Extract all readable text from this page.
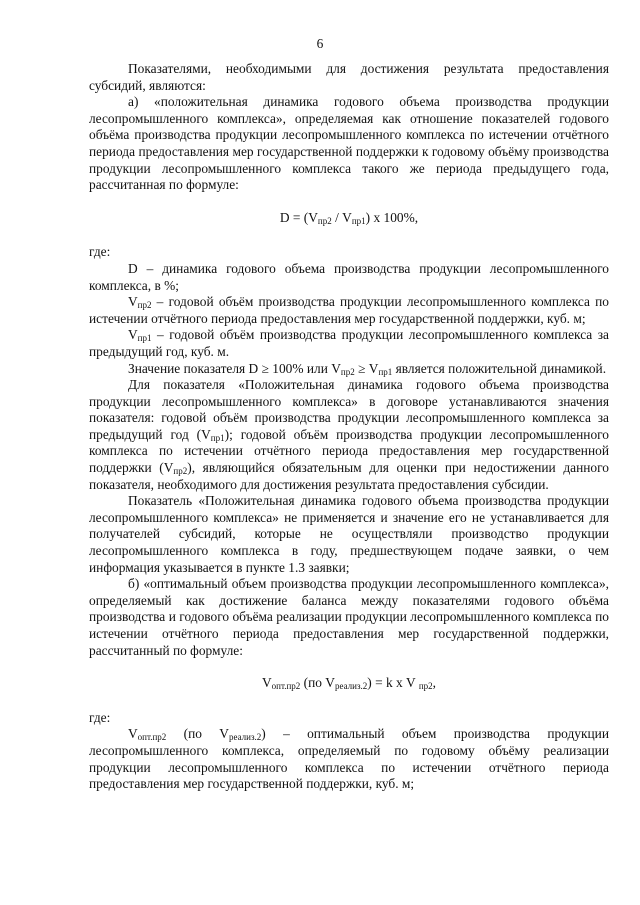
6

Показателями, необходимыми для достижения результата предоставления субсидий, являются:

а) «положительная динамика годового объема производства продукции лесопромышленного комплекса», определяемая как отношение показателей годового объёма производства продукции лесопромышленного комплекса по истечении отчётного периода предоставления мер государственной поддержки к годовому объёму производства продукции лесопромышленного комплекса такого же периода предыдущего года, рассчитанная по формуле:

$D = (V_{пр2} / V_{пр1})$ х 100%,

где:

D – динамика годового объема производства продукции лесопромышленного комплекса, в %;

$V_{пр2}$ – годовой объём производства продукции лесопромышленного комплекса по истечении отчётного периода предоставления мер государственной поддержки, куб. м;

$V_{пр1}$ – годовой объём производства продукции лесопромышленного комплекса за предыдущий год, куб. м.

Значение показателя D ≥ 100% или $V_{пр2} \ge V_{пр1}$ является положительной динамикой.

Для показателя «Положительная динамика годового объема производства продукции лесопромышленного комплекса» в договоре устанавливаются значения показателя: годовой объём производства продукции лесопромышленного комплекса за предыдущий год $(V_{пр1})$; годовой объём производства продукции лесопромышленного комплекса по истечении отчётного периода предоставления мер государственной поддержки $(V_{пр2})$, являющийся обязательным для оценки при недостижении данного показателя, необходимого для достижения результата предоставления субсидии.

Показатель «Положительная динамика годового объема производства продукции лесопромышленного комплекса» не применяется и значение его не устанавливается для получателей субсидий, которые не осуществляли производство продукции лесопромышленного комплекса в году, предшествующем подаче заявки, о чем информация указывается в пункте 1.3 заявки;

б) «оптимальный объем производства продукции лесопромышленного комплекса», определяемый как достижение баланса между показателями годового объёма производства и годового объёма реализации продукции лесопромышленного комплекса по истечении отчётного периода предоставления мер государственной поддержки, рассчитанный по формуле:

$V_{опт.пр2}$ (по $V_{реализ.2}) = k$ х V $_{пр2}$,

где:

$V_{опт.пр2}$ (по $V_{реализ.2}$) – оптимальный объем производства продукции лесопромышленного комплекса, определяемый по годовому объёму реализации продукции лесопромышленного комплекса по истечении отчётного периода предоставления мер государственной поддержки, куб. м;
